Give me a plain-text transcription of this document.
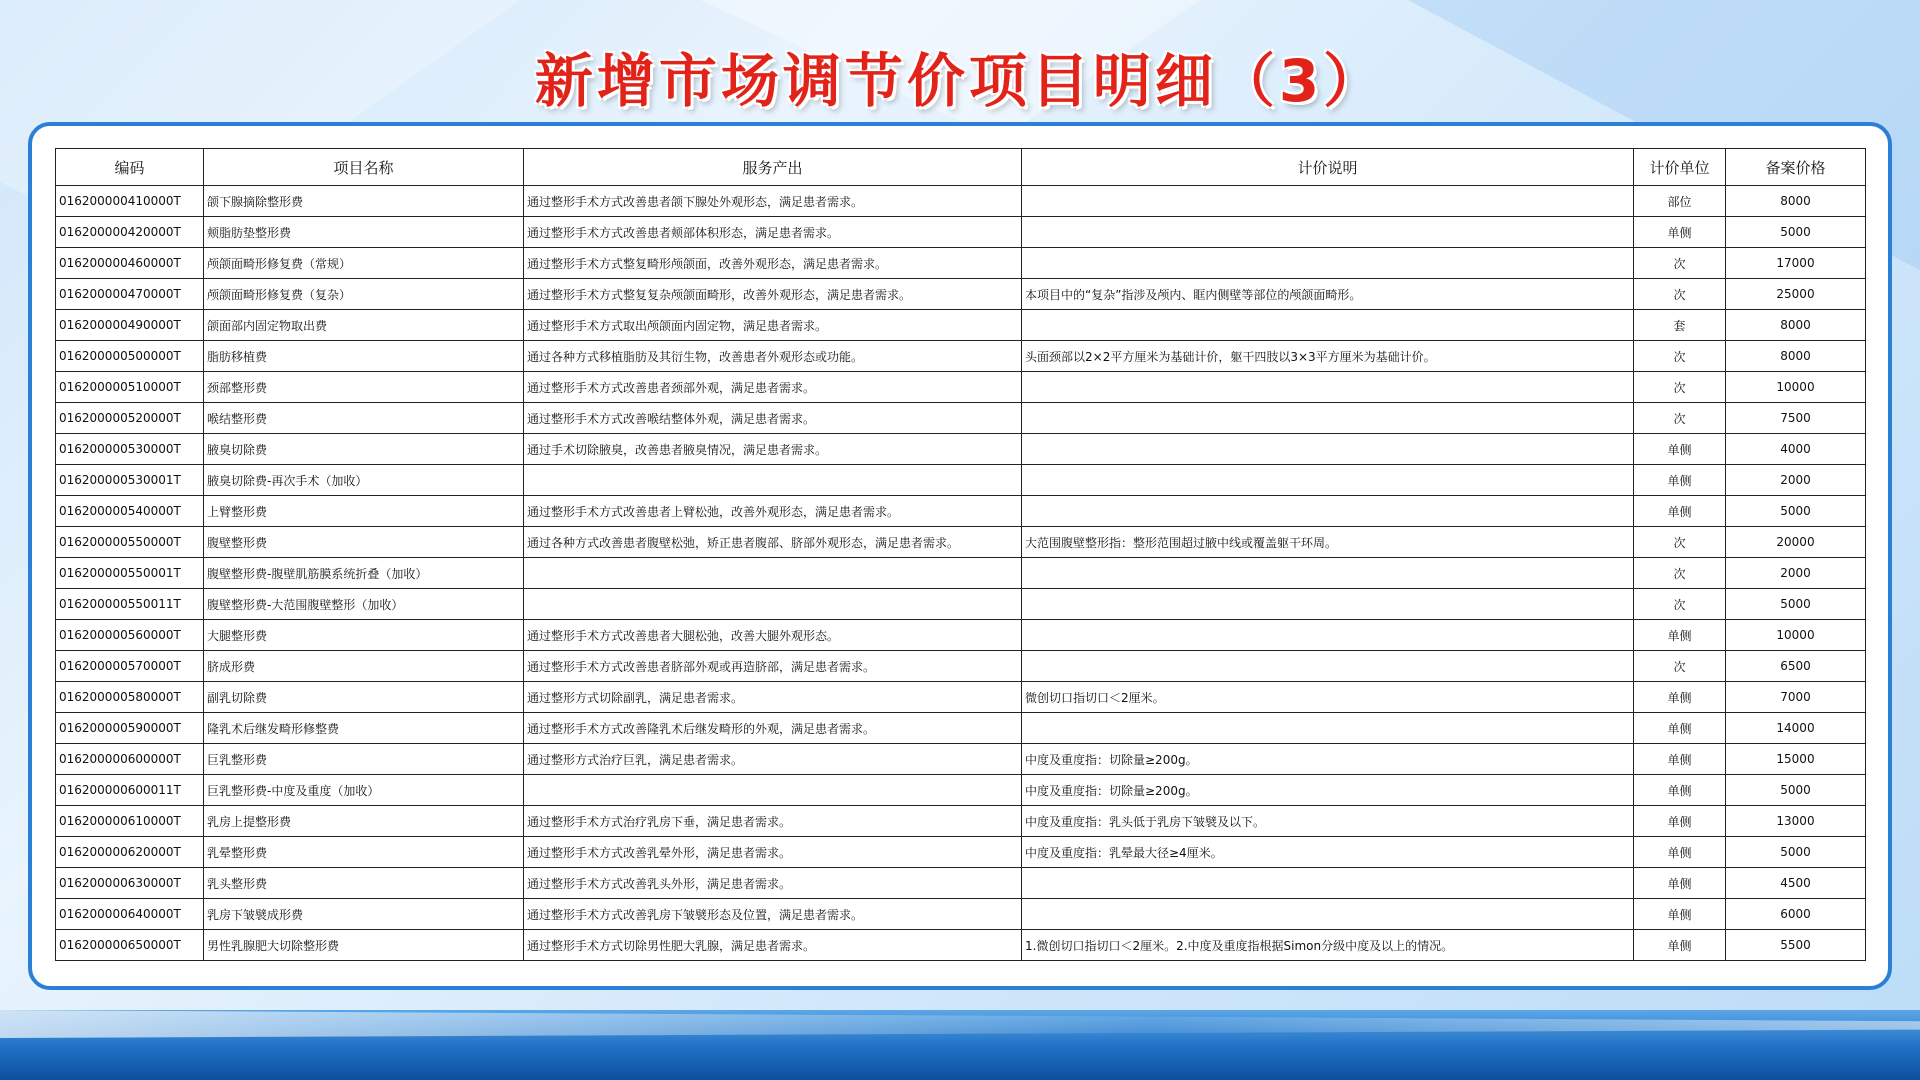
新增市场调节价项目明细（3）
编码	项目名称	服务产出	计价说明	计价单位	备案价格
016200000410000T	颌下腺摘除整形费	通过整形手术方式改善患者颌下腺处外观形态，满足患者需求。		部位	8000
016200000420000T	颊脂肪垫整形费	通过整形手术方式改善患者颊部体积形态，满足患者需求。		单侧	5000
016200000460000T	颅颌面畸形修复费（常规）	通过整形手术方式整复畸形颅颌面，改善外观形态，满足患者需求。		次	17000
016200000470000T	颅颌面畸形修复费（复杂）	通过整形手术方式整复复杂颅颌面畸形，改善外观形态，满足患者需求。	本项目中的“复杂”指涉及颅内、眶内侧壁等部位的颅颌面畸形。	次	25000
016200000490000T	颌面部内固定物取出费	通过整形手术方式取出颅颌面内固定物，满足患者需求。		套	8000
016200000500000T	脂肪移植费	通过各种方式移植脂肪及其衍生物，改善患者外观形态或功能。	头面颈部以2×2平方厘米为基础计价，躯干四肢以3×3平方厘米为基础计价。	次	8000
016200000510000T	颈部整形费	通过整形手术方式改善患者颈部外观，满足患者需求。		次	10000
016200000520000T	喉结整形费	通过整形手术方式改善喉结整体外观，满足患者需求。		次	7500
016200000530000T	腋臭切除费	通过手术切除腋臭，改善患者腋臭情况，满足患者需求。		单侧	4000
016200000530001T	腋臭切除费-再次手术（加收）			单侧	2000
016200000540000T	上臂整形费	通过整形手术方式改善患者上臂松弛，改善外观形态，满足患者需求。		单侧	5000
016200000550000T	腹壁整形费	通过各种方式改善患者腹壁松弛，矫正患者腹部、脐部外观形态，满足患者需求。	大范围腹壁整形指：整形范围超过腋中线或覆盖躯干环周。	次	20000
016200000550001T	腹壁整形费-腹壁肌筋膜系统折叠（加收）			次	2000
016200000550011T	腹壁整形费-大范围腹壁整形（加收）			次	5000
016200000560000T	大腿整形费	通过整形手术方式改善患者大腿松弛，改善大腿外观形态。		单侧	10000
016200000570000T	脐成形费	通过整形手术方式改善患者脐部外观或再造脐部，满足患者需求。		次	6500
016200000580000T	副乳切除费	通过整形方式切除副乳，满足患者需求。	微创切口指切口＜2厘米。	单侧	7000
016200000590000T	隆乳术后继发畸形修整费	通过整形手术方式改善隆乳术后继发畸形的外观，满足患者需求。		单侧	14000
016200000600000T	巨乳整形费	通过整形方式治疗巨乳，满足患者需求。	中度及重度指：切除量≥200g。	单侧	15000
016200000600011T	巨乳整形费-中度及重度（加收）		中度及重度指：切除量≥200g。	单侧	5000
016200000610000T	乳房上提整形费	通过整形手术方式治疗乳房下垂，满足患者需求。	中度及重度指：乳头低于乳房下皱襞及以下。	单侧	13000
016200000620000T	乳晕整形费	通过整形手术方式改善乳晕外形，满足患者需求。	中度及重度指：乳晕最大径≥4厘米。	单侧	5000
016200000630000T	乳头整形费	通过整形手术方式改善乳头外形，满足患者需求。		单侧	4500
016200000640000T	乳房下皱襞成形费	通过整形手术方式改善乳房下皱襞形态及位置，满足患者需求。		单侧	6000
016200000650000T	男性乳腺肥大切除整形费	通过整形手术方式切除男性肥大乳腺，满足患者需求。	1.微创切口指切口＜2厘米。2.中度及重度指根据Simon分级中度及以上的情况。	单侧	5500
